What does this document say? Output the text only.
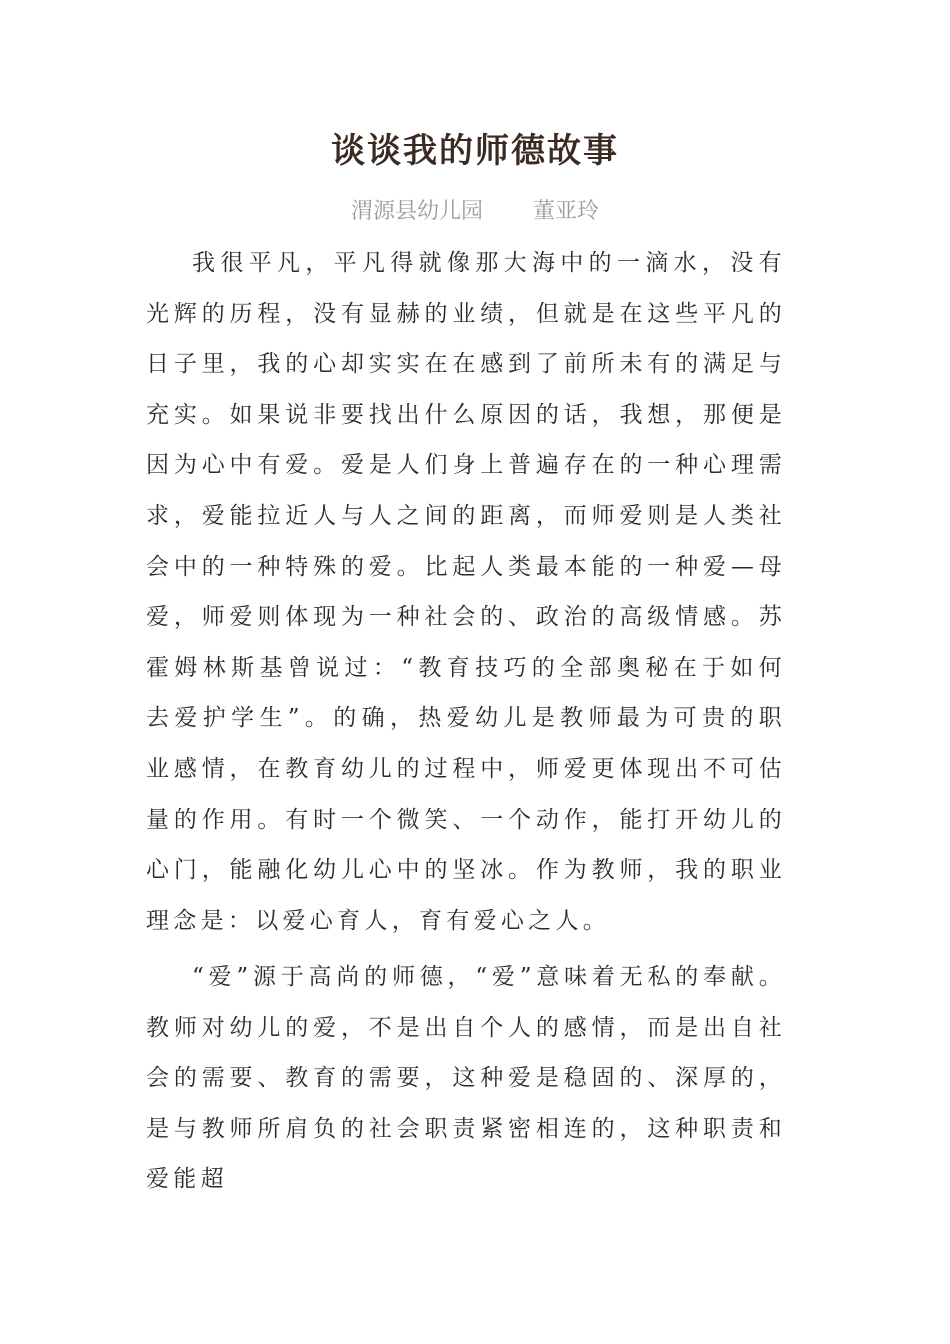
谈谈我的师德故事
渭源县幼儿园 董亚玲

我很平凡，平凡得就像那大海中的一滴水，没有光辉的历程，没有显赫的业绩，但就是在这些平凡的日子里，我的心却实实在在感到了前所未有的满足与充实。如果说非要找出什么原因的话，我想，那便是因为心中有爱。爱是人们身上普遍存在的一种心理需求，爱能拉近人与人之间的距离，而师爱则是人类社会中的一种特殊的爱。比起人类最本能的一种爱—母爱，师爱则体现为一种社会的、政治的高级情感。苏霍姆林斯基曾说过：“教育技巧的全部奥秘在于如何去爱护学生”。的确，热爱幼儿是教师最为可贵的职业感情，在教育幼儿的过程中，师爱更体现出不可估量的作用。有时一个微笑、一个动作，能打开幼儿的心门，能融化幼儿心中的坚冰。作为教师，我的职业理念是：以爱心育人，育有爱心之人。

“爱”源于高尚的师德，“爱”意味着无私的奉献。教师对幼儿的爱，不是出自个人的感情，而是出自社会的需要、教育的需要，这种爱是稳固的、深厚的，是与教师所肩负的社会职责紧密相连的，这种职责和爱能超
